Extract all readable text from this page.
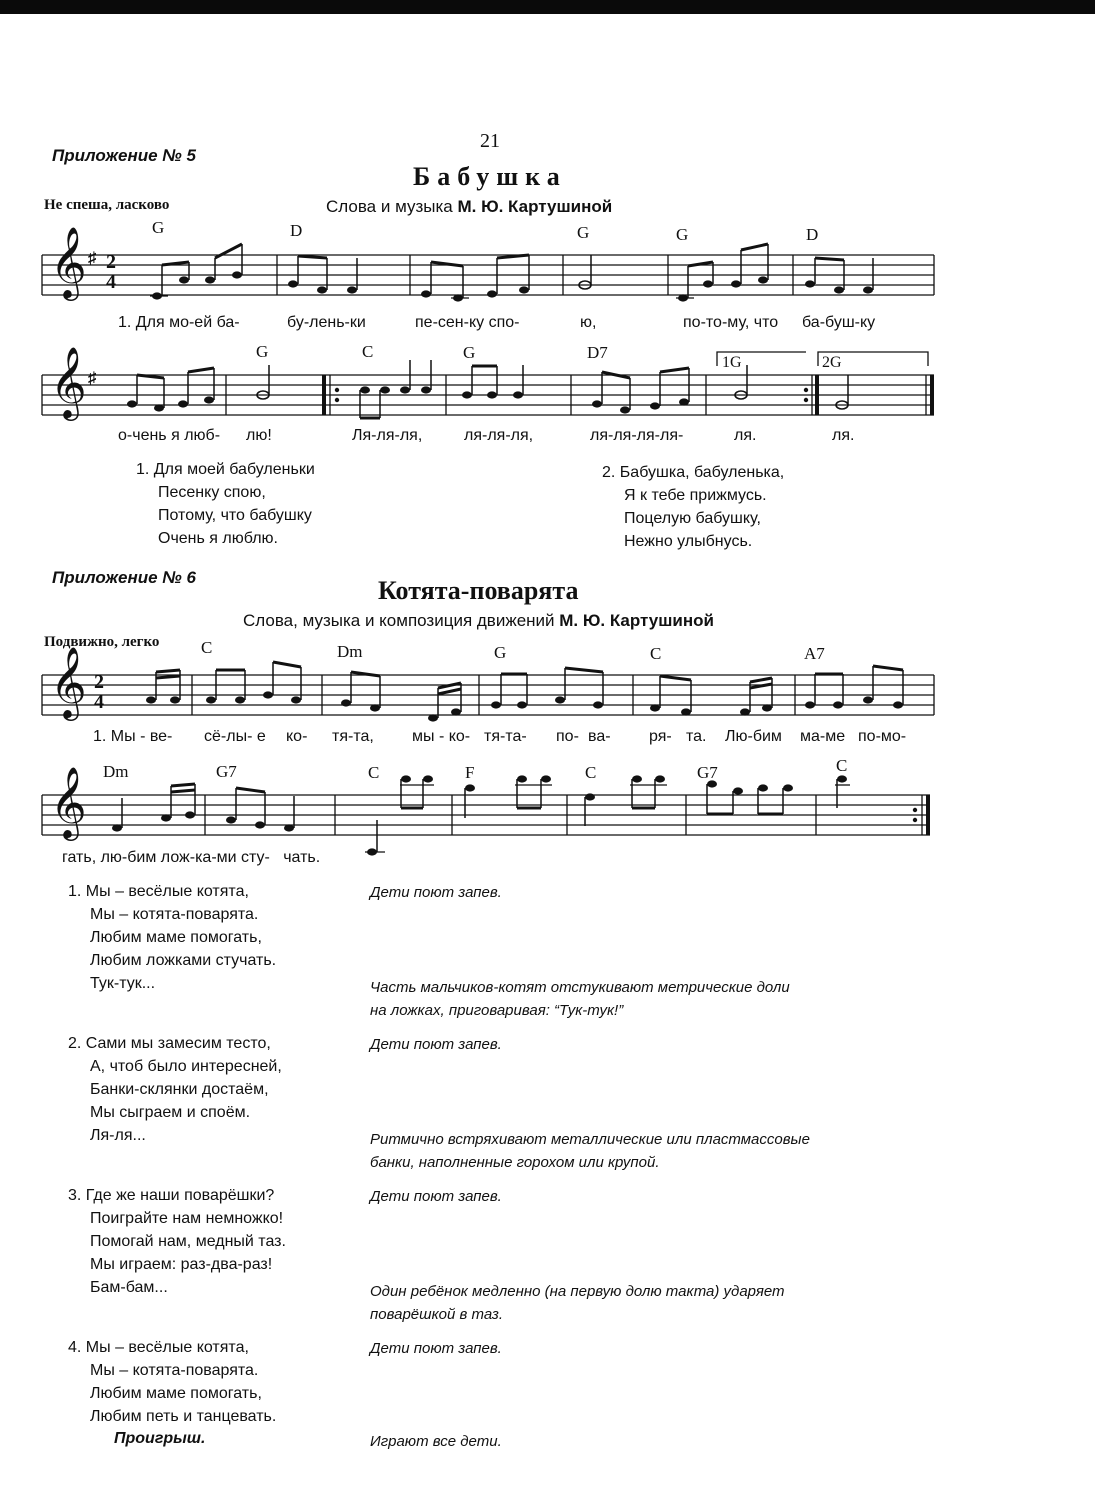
Приложение № 5
21
Бабушка
Не спеша, ласково	Слова и музыка М. Ю. Картушиной
G	D	G	G	D
𝄞 ♯ 2
4
𝄞 ♯
𝄞 2
4
𝄞
1. Для мо-ей ба-	бу-лень-ки	пе-сен-ку спо-	ю,	по-то-му, что ба-буш-ку
G	C	G	D7
1G	2G
о-чень я люб- лю!	Ля-ля-ля,	ля-ля-ля,	ля-ля-ля-ля-	ля.	ля.
1. Для моей бабуленьки
Песенку спою,
Потому, что бабушку
Очень я люблю.
2. Бабушка, бабуленька,
Я к тебе прижмусь.
Поцелую бабушку,
Нежно улыбнусь.
Приложение № 6	Котята-поварята
Слова, музыка и композиция движений М. Ю. Картушиной
Подвижно, легко C	Dm	G	C	A7
1. Мы - ве- сё-лы- е ко- тя-та, мы - ко- тя-та- по- ва- ря- та. Лю-бим ма-ме по-мо-
Dm	G7	C	F	C	G7	C
гать, лю-бим лож-ка-ми сту-   чать.
1. Мы – весёлые котята,
Мы – котята-поварята.
Любим маме помогать,
Любим ложками стучать.
Тук-тук...
Дети поют запев.
Часть мальчиков-котят отстукивают метрические доли
на ложках, приговаривая: “Тук-тук!”
2. Сами мы замесим тесто,
А, чтоб было интересней,
Банки-склянки достаём,
Мы сыграем и споём.
Ля-ля...
Дети поют запев.
Ритмично встряхивают металлические или пластмассовые
банки, наполненные горохом или крупой.
3. Где же наши поварёшки?
Поиграйте нам немножко!
Помогай нам, медный таз.
Мы играем: раз-два-раз!
Бам-бам...
Дети поют запев.
Один ребёнок медленно (на первую долю такта) ударяет
поварёшкой в таз.
4. Мы – весёлые котята,
Мы – котята-поварята.
Любим маме помогать,
Любим петь и танцевать.
Дети поют запев.
Проигрыш.	Играют все дети.
